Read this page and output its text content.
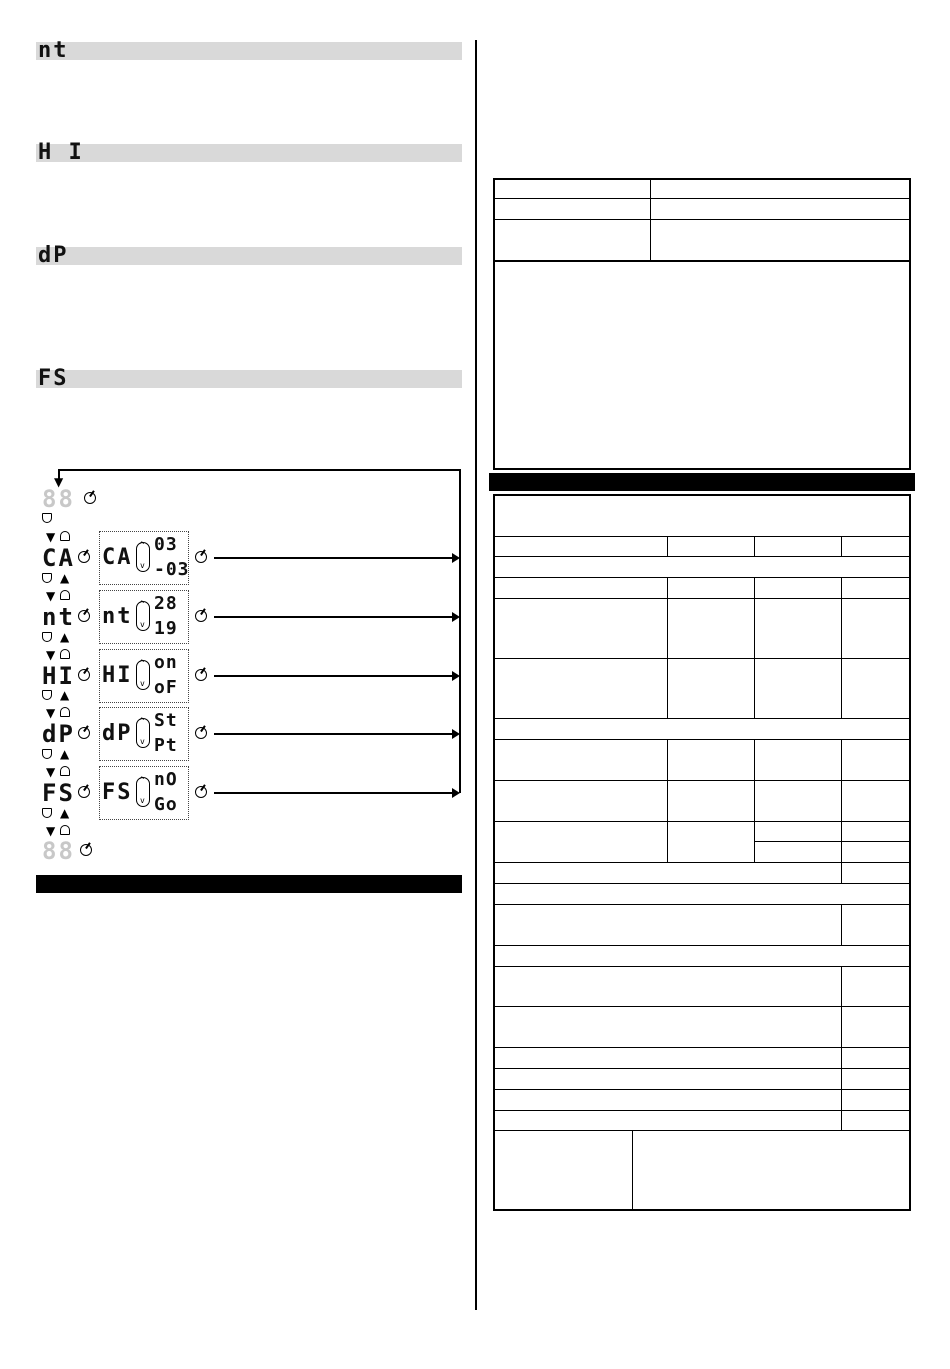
nt
H I
dP
FS
▼
88
▼
CA CA
^ v
03
-03
▲
▼
nt nt
^ v
28
19
▲
▼
HI HI
^ v
on
oF
▲
▼
dP dP
^ v
St
Pt
▲
▼
FS FS
^ v
nO
Go
▲
▼
88
